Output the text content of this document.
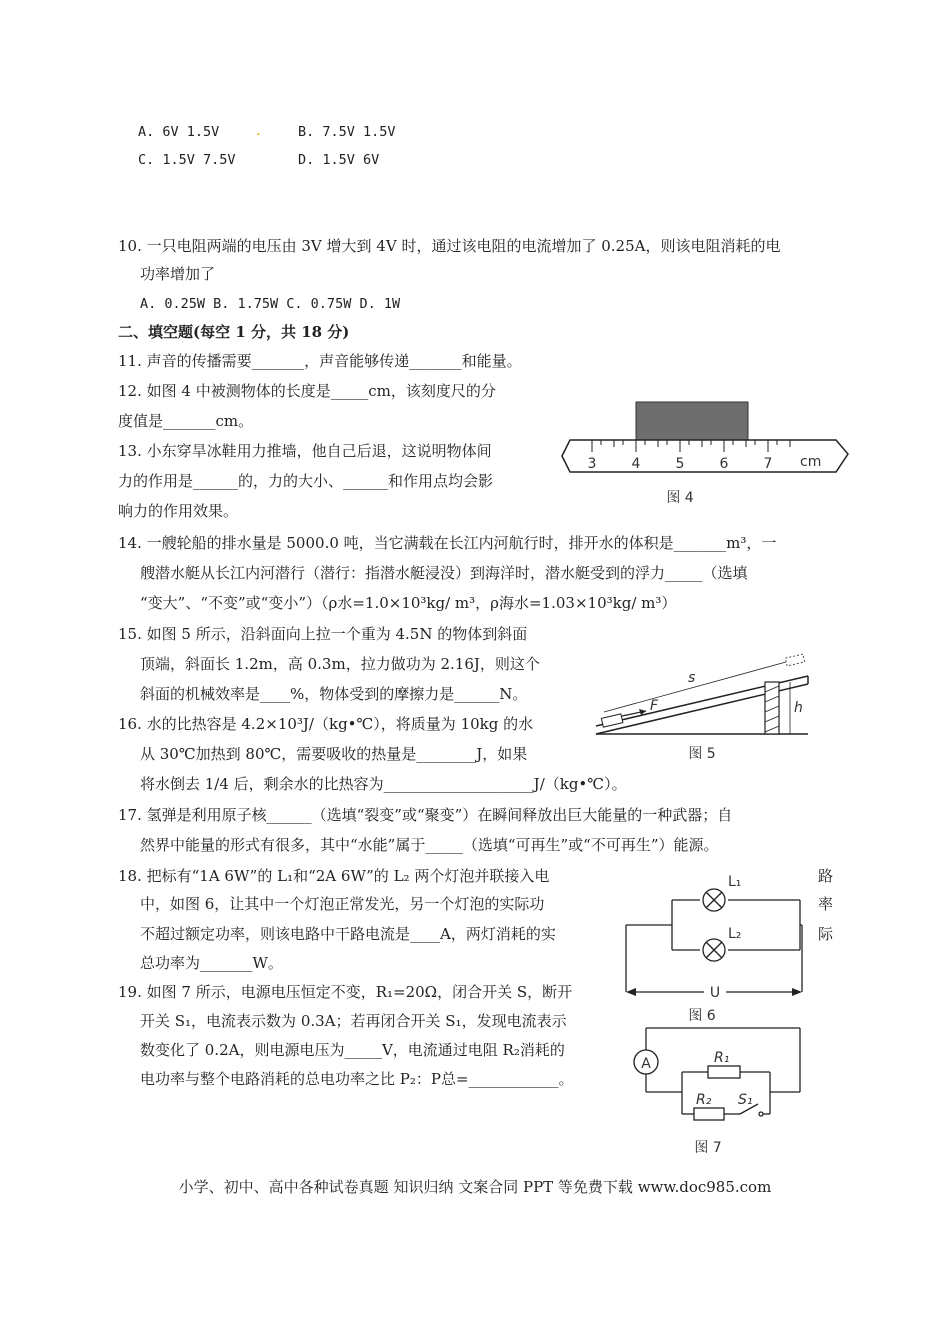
A. 6V 1.5V .	B. 7.5V 1.5V
C. 1.5V 7.5V	D. 1.5V 6V
10. 一只电阻两端的电压由 3V 增大到 4V 时，通过该电阻的电流增加了 0.25A，则该电阻消耗的电
功率增加了
A. 0.25W B. 1.75W C. 0.75W D. 1W
二、填空题(每空 1 分，共 18 分)
11. 声音的传播需要_______，声音能够传递_______和能量。
12. 如图 4 中被测物体的长度是_____cm，该刻度尺的分
度值是_______cm。
13. 小东穿旱冰鞋用力推墙，他自己后退，这说明物体间
力的作用是______的，力的大小、______和作用点均会影
响力的作用效果。
14. 一艘轮船的排水量是 5000.0 吨，当它满载在长江内河航行时，排开水的体积是_______m³，一
艘潜水艇从长江内河潜行（潜行：指潜水艇浸没）到海洋时，潜水艇受到的浮力_____（选填
“变大”、“不变”或“变小”）（ρ水=1.0×10³kg/ m³，ρ海水=1.03×10³kg/ m³）
15. 如图 5 所示，沿斜面向上拉一个重为 4.5N 的物体到斜面
顶端，斜面长 1.2m，高 0.3m，拉力做功为 2.16J，则这个
斜面的机械效率是____%，物体受到的摩擦力是______N。
16. 水的比热容是 4.2×10³J/（kg•℃），将质量为 10kg 的水
从 30℃加热到 80℃，需要吸收的热量是________J，如果
将水倒去 1/4 后，剩余水的比热容为____________________J/（kg•℃）。
17. 氢弹是利用原子核______（选填“裂变”或“聚变”）在瞬间释放出巨大能量的一种武器；自
然界中能量的形式有很多，其中“水能”属于_____（选填“可再生”或“不可再生”）能源。
18. 把标有“1A 6W”的 L₁和“2A 6W”的 L₂ 两个灯泡并联接入电	路
中，如图 6，让其中一个灯泡正常发光，另一个灯泡的实际功	率
不超过额定功率，则该电路中干路电流是____A，两灯消耗的实	际
总功率为_______W。
19. 如图 7 所示，电源电压恒定不变，R₁=20Ω，闭合开关 S，断开
开关 S₁，电流表示数为 0.3A；若再闭合开关 S₁，发现电流表示
数变化了 0.2A，则电源电压为_____V，电流通过电阻 R₂消耗的
电功率与整个电路消耗的总电功率之比 P₂：P总=____________。
3	4	5	6	7 cm
图 4
F
s
h
图 5
L₁
L₂
U
图 6
A	R₁
R₂ S₁
图 7
小学、初中、高中各种试卷真题 知识归纳 文案合同 PPT 等免费下载 www.doc985.com
